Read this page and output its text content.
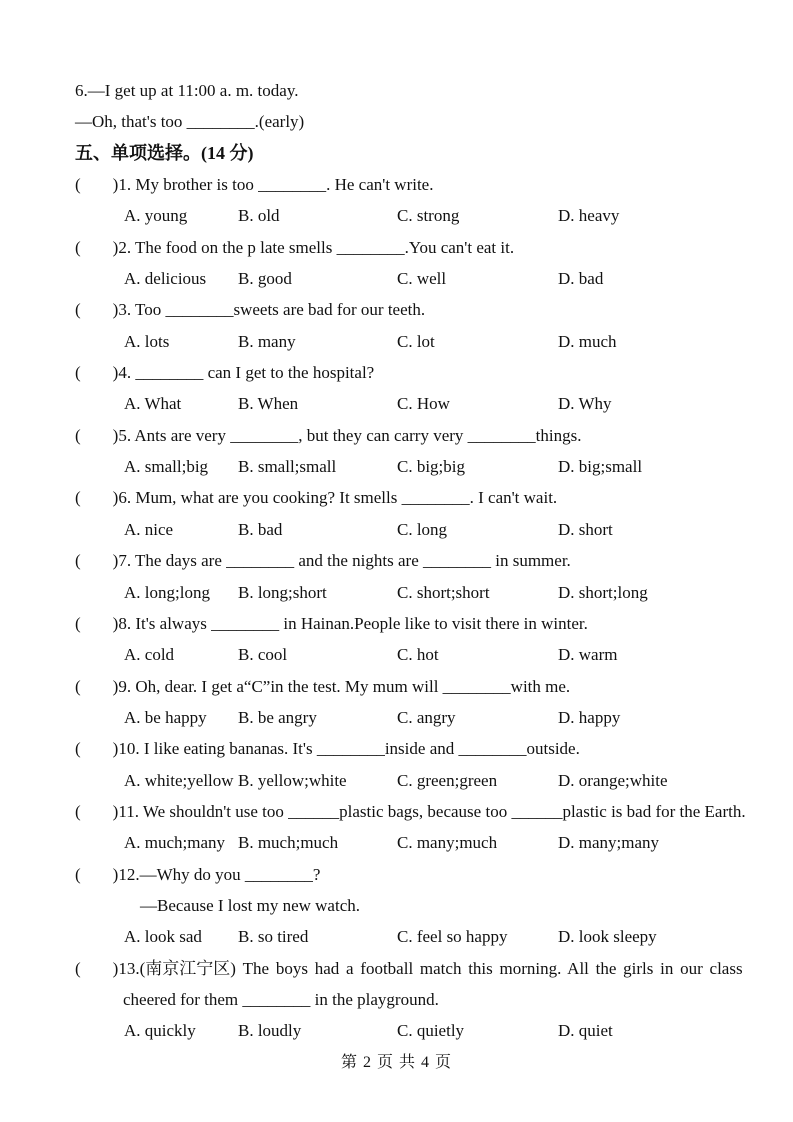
6.—I get up at 11:00 a. m. today.
—Oh, that's too ________.(early)
五、单项选择。(14 分)
( )1. My brother is too ________. He can't write.
A. young	B. old	C. strong	D. heavy
( )2. The food on the p late smells ________.You can't eat it.
A. delicious B. good	C. well	D. bad
( )3. Too ________sweets are bad for our teeth.
A. lots	B. many	C. lot	D. much
( )4. ________ can I get to the hospital?
A. What	B. When	C. How	D. Why
( )5. Ants are very ________, but they can carry very ________things.
A. small;big B. small;small	C. big;big	D. big;small
( )6. Mum, what are you cooking? It smells ________. I can't wait.
A. nice	B. bad	C. long	D. short
( )7. The days are ________ and the nights are ________ in summer.
A. long;long B. long;short	C. short;short	D. short;long
( )8. It's always ________ in Hainan.People like to visit there in winter.
A. cold	B. cool	C. hot	D. warm
( )9. Oh, dear. I get a“C”in the test. My mum will ________with me.
A. be happy B. be angry	C. angry	D. happy
( )10. I like eating bananas. It's ________inside and ________outside.
A. white;yellow B. yellow;white	C. green;green	D. orange;white
( )11. We shouldn't use too ______plastic bags, because too ______plastic is bad for the Earth.
A. much;many B. much;much	C. many;much	D. many;many
( )12.—Why do you ________?
—Because I lost my new watch.
A. look sad B. so tired	C. feel so happy	D. look sleepy
( )13.(南京江宁区) The boys had a football match this morning. All the girls in our class
cheered for them ________ in the playground.
A. quickly B. loudly	C. quietly	D. quiet
第 2 页 共 4 页
